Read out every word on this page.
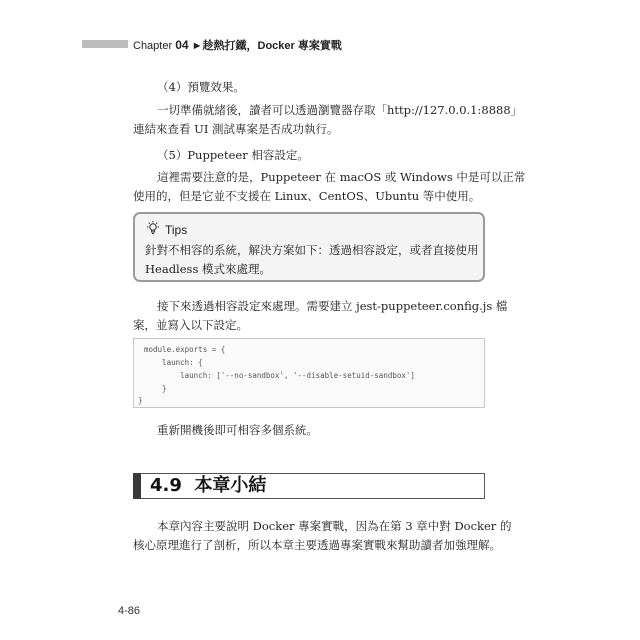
Chapter 04 ►趁熱打鐵，Docker 專案實戰
（4）預覽效果。
一切準備就緒後，讀者可以透過瀏覽器存取「http://127.0.0.1:8888」
連結來查看 UI 測試專案是否成功執行。
（5）Puppeteer 相容設定。
這裡需要注意的是，Puppeteer 在 macOS 或 Windows 中是可以正常
使用的，但是它並不支援在 Linux、CentOS、Ubuntu 等中使用。
Tips
針對不相容的系統，解決方案如下：透過相容設定，或者直接使用
Headless 模式來處理。
接下來透過相容設定來處理。需要建立 jest-puppeteer.config.js 檔
案，並寫入以下設定。
module.exports = {
launch: {
launch: ['--no-sandbox', '--disable-setuid-sandbox']
}
}
重新開機後即可相容多個系統。
4.9 本章小結
本章內容主要說明 Docker 專案實戰，因為在第 3 章中對 Docker 的
核心原理進行了剖析，所以本章主要透過專案實戰來幫助讀者加強理解。
4-86
